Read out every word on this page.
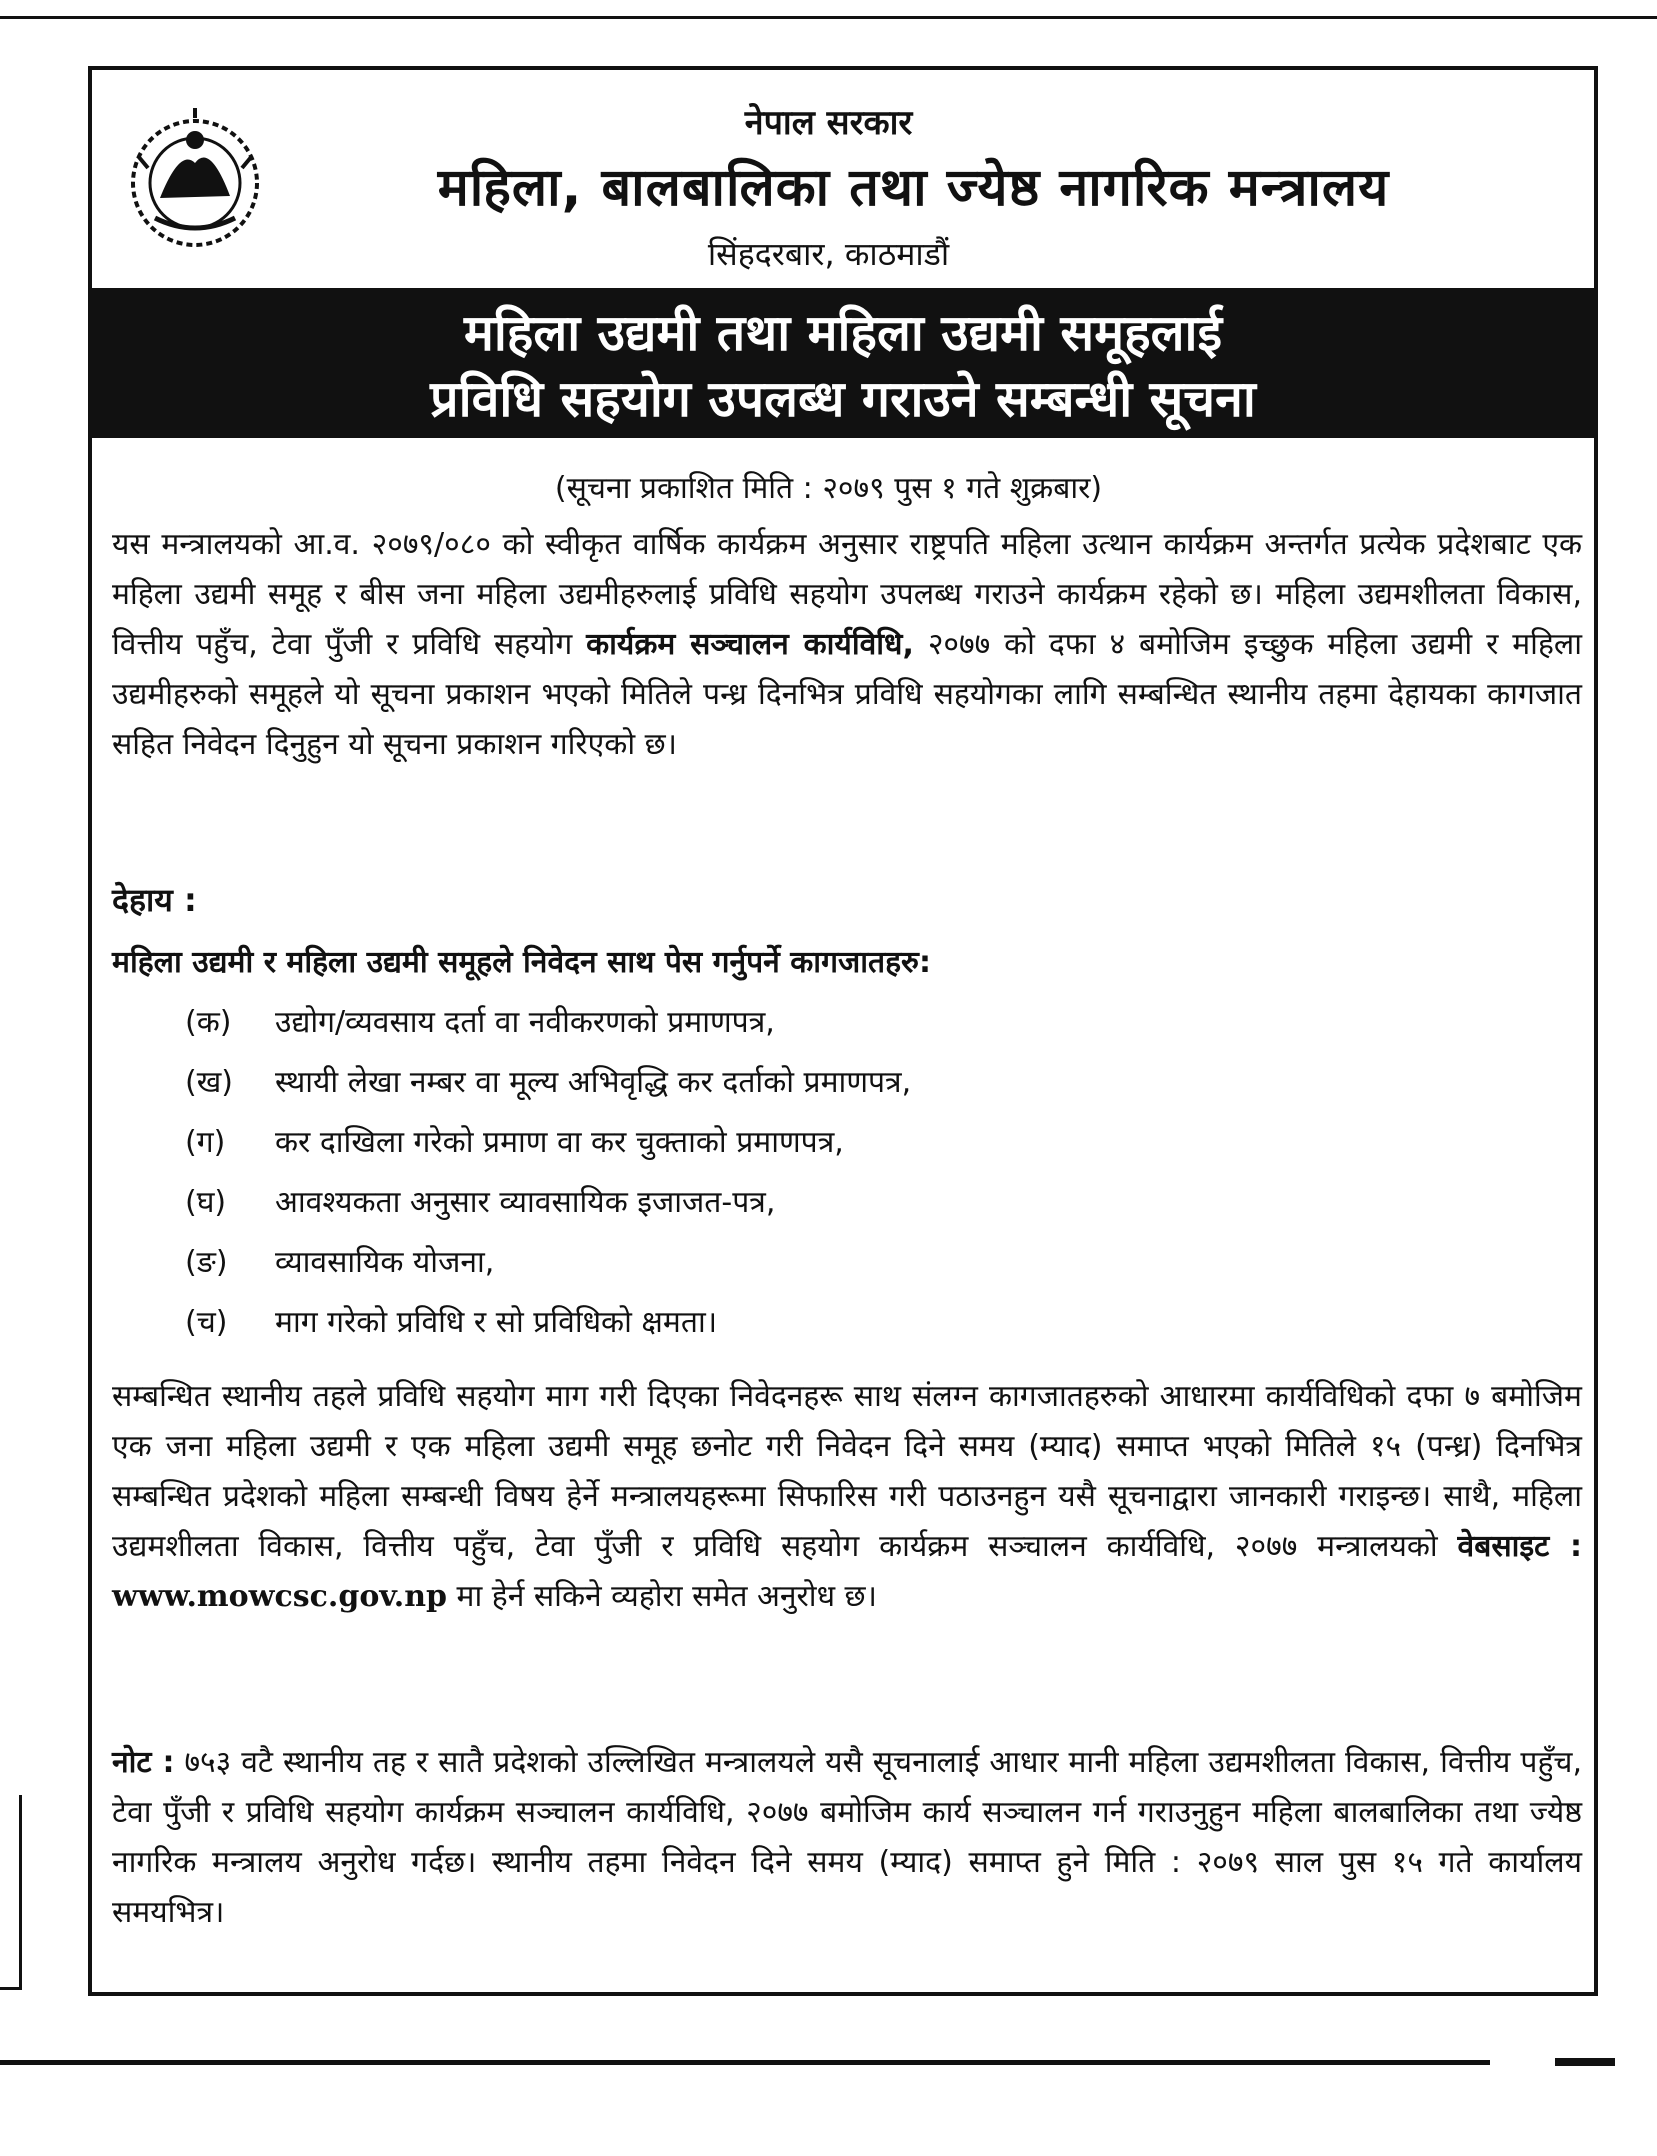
नेपाल सरकार
महिला, बालबालिका तथा ज्येष्ठ नागरिक मन्त्रालय
सिंहदरबार, काठमाडौं
महिला उद्यमी तथा महिला उद्यमी समूहलाई
प्रविधि सहयोग उपलब्ध गराउने सम्बन्धी सूचना
(सूचना प्रकाशित मिति : २०७९ पुस १ गते शुक्रबार)

यस मन्त्रालयको आ.व. २०७९/०८० को स्वीकृत वार्षिक कार्यक्रम अनुसार राष्ट्रपति महिला उत्थान कार्यक्रम अन्तर्गत प्रत्येक प्रदेशबाट एक महिला उद्यमी समूह र बीस जना महिला उद्यमीहरुलाई प्रविधि सहयोग उपलब्ध गराउने कार्यक्रम रहेको छ। महिला उद्यमशीलता विकास, वित्तीय पहुँच, टेवा पुँजी र प्रविधि सहयोग कार्यक्रम सञ्चालन कार्यविधि, २०७७ को दफा ४ बमोजिम इच्छुक महिला उद्यमी र महिला उद्यमीहरुको समूहले यो सूचना प्रकाशन भएको मितिले पन्ध्र दिनभित्र प्रविधि सहयोगका लागि सम्बन्धित स्थानीय तहमा देहायका कागजात सहित निवेदन दिनुहुन यो सूचना प्रकाशन गरिएको छ।

देहाय :
महिला उद्यमी र महिला उद्यमी समूहले निवेदन साथ पेस गर्नुपर्ने कागजातहरु:
(क)	उद्योग/व्यवसाय दर्ता वा नवीकरणको प्रमाणपत्र,
(ख)	स्थायी लेखा नम्बर वा मूल्य अभिवृद्धि कर दर्ताको प्रमाणपत्र,
(ग)	कर दाखिला गरेको प्रमाण वा कर चुक्ताको प्रमाणपत्र,
(घ)	आवश्यकता अनुसार व्यावसायिक इजाजत-पत्र,
(ङ)	व्यावसायिक योजना,
(च)	माग गरेको प्रविधि र सो प्रविधिको क्षमता।

सम्बन्धित स्थानीय तहले प्रविधि सहयोग माग गरी दिएका निवेदनहरू साथ संलग्न कागजातहरुको आधारमा कार्यविधिको दफा ७ बमोजिम एक जना महिला उद्यमी र एक महिला उद्यमी समूह छनोट गरी निवेदन दिने समय (म्याद) समाप्त भएको मितिले १५ (पन्ध्र) दिनभित्र सम्बन्धित प्रदेशको महिला सम्बन्धी विषय हेर्ने मन्त्रालयहरूमा सिफारिस गरी पठाउनहुन यसै सूचनाद्वारा जानकारी गराइन्छ। साथै, महिला उद्यमशीलता विकास, वित्तीय पहुँच, टेवा पुँजी र प्रविधि सहयोग कार्यक्रम सञ्चालन कार्यविधि, २०७७ मन्त्रालयको वेबसाइट : www.mowcsc.gov.np मा हेर्न सकिने व्यहोरा समेत अनुरोध छ।

नोट : ७५३ वटै स्थानीय तह र सातै प्रदेशको उल्लिखित मन्त्रालयले यसै सूचनालाई आधार मानी महिला उद्यमशीलता विकास, वित्तीय पहुँच, टेवा पुँजी र प्रविधि सहयोग कार्यक्रम सञ्चालन कार्यविधि, २०७७ बमोजिम कार्य सञ्चालन गर्न गराउनुहुन महिला बालबालिका तथा ज्येष्ठ नागरिक मन्त्रालय अनुरोध गर्दछ। स्थानीय तहमा निवेदन दिने समय (म्याद) समाप्त हुने मिति : २०७९ साल पुस १५ गते कार्यालय समयभित्र।
